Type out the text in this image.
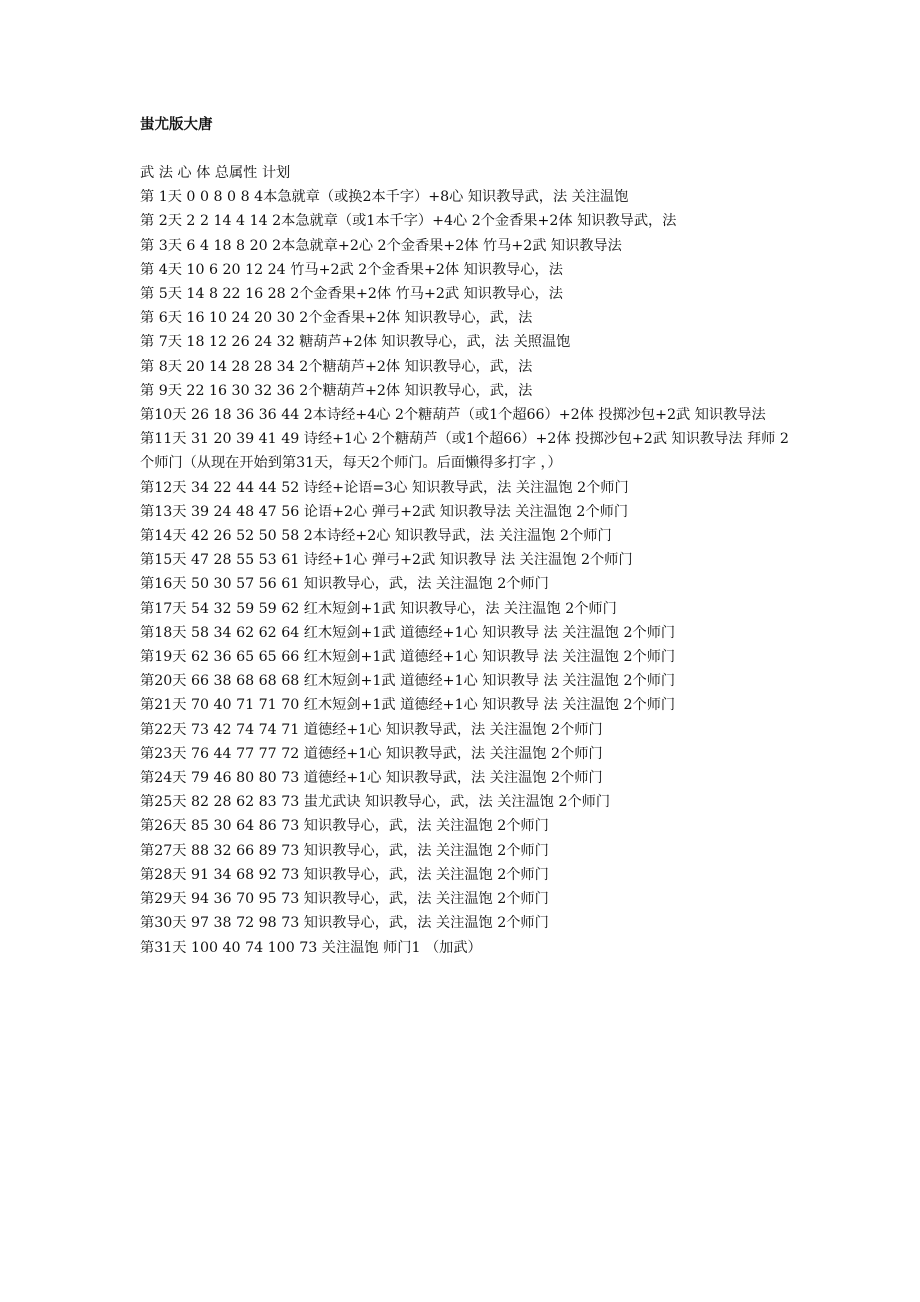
蚩尤版大唐
武 法 心 体 总属性 计划
第 1天 0 0 8 0 8 4本急就章（或换2本千字）+8心 知识教导武，法 关注温饱
第 2天 2 2 14 4 14 2本急就章（或1本千字）+4心 2个金香果+2体 知识教导武，法
第 3天 6 4 18 8 20 2本急就章+2心 2个金香果+2体 竹马+2武 知识教导法
第 4天 10 6 20 12 24 竹马+2武 2个金香果+2体 知识教导心，法
第 5天 14 8 22 16 28 2个金香果+2体 竹马+2武 知识教导心，法
第 6天 16 10 24 20 30 2个金香果+2体 知识教导心，武，法
第 7天 18 12 26 24 32 糖葫芦+2体 知识教导心，武，法 关照温饱
第 8天 20 14 28 28 34 2个糖葫芦+2体 知识教导心，武，法
第 9天 22 16 30 32 36 2个糖葫芦+2体 知识教导心，武，法
第10天 26 18 36 36 44 2本诗经+4心 2个糖葫芦（或1个超66）+2体 投掷沙包+2武 知识教导法
第11天 31 20 39 41 49 诗经+1心 2个糖葫芦（或1个超66）+2体 投掷沙包+2武 知识教导法 拜师 2个师门（从现在开始到第31天，每天2个师门。后面懒得多打字 ，）
第12天 34 22 44 44 52 诗经+论语=3心 知识教导武，法 关注温饱 2个师门
第13天 39 24 48 47 56 论语+2心 弹弓+2武 知识教导法 关注温饱 2个师门
第14天 42 26 52 50 58 2本诗经+2心 知识教导武，法 关注温饱 2个师门
第15天 47 28 55 53 61 诗经+1心 弹弓+2武 知识教导 法 关注温饱 2个师门
第16天 50 30 57 56 61 知识教导心，武，法 关注温饱 2个师门
第17天 54 32 59 59 62 红木短剑+1武 知识教导心，法 关注温饱 2个师门
第18天 58 34 62 62 64 红木短剑+1武 道德经+1心 知识教导 法 关注温饱 2个师门
第19天 62 36 65 65 66 红木短剑+1武 道德经+1心 知识教导 法 关注温饱 2个师门
第20天 66 38 68 68 68 红木短剑+1武 道德经+1心 知识教导 法 关注温饱 2个师门
第21天 70 40 71 71 70 红木短剑+1武 道德经+1心 知识教导 法 关注温饱 2个师门
第22天 73 42 74 74 71 道德经+1心 知识教导武，法 关注温饱 2个师门
第23天 76 44 77 77 72 道德经+1心 知识教导武，法 关注温饱 2个师门
第24天 79 46 80 80 73 道德经+1心 知识教导武，法 关注温饱 2个师门
第25天 82 28 62 83 73 蚩尤武诀 知识教导心，武，法 关注温饱 2个师门
第26天 85 30 64 86 73 知识教导心，武，法 关注温饱 2个师门
第27天 88 32 66 89 73 知识教导心，武，法 关注温饱 2个师门
第28天 91 34 68 92 73 知识教导心，武，法 关注温饱 2个师门
第29天 94 36 70 95 73 知识教导心，武，法 关注温饱 2个师门
第30天 97 38 72 98 73 知识教导心，武，法 关注温饱 2个师门
第31天 100 40 74 100 73 关注温饱 师门1 （加武）
